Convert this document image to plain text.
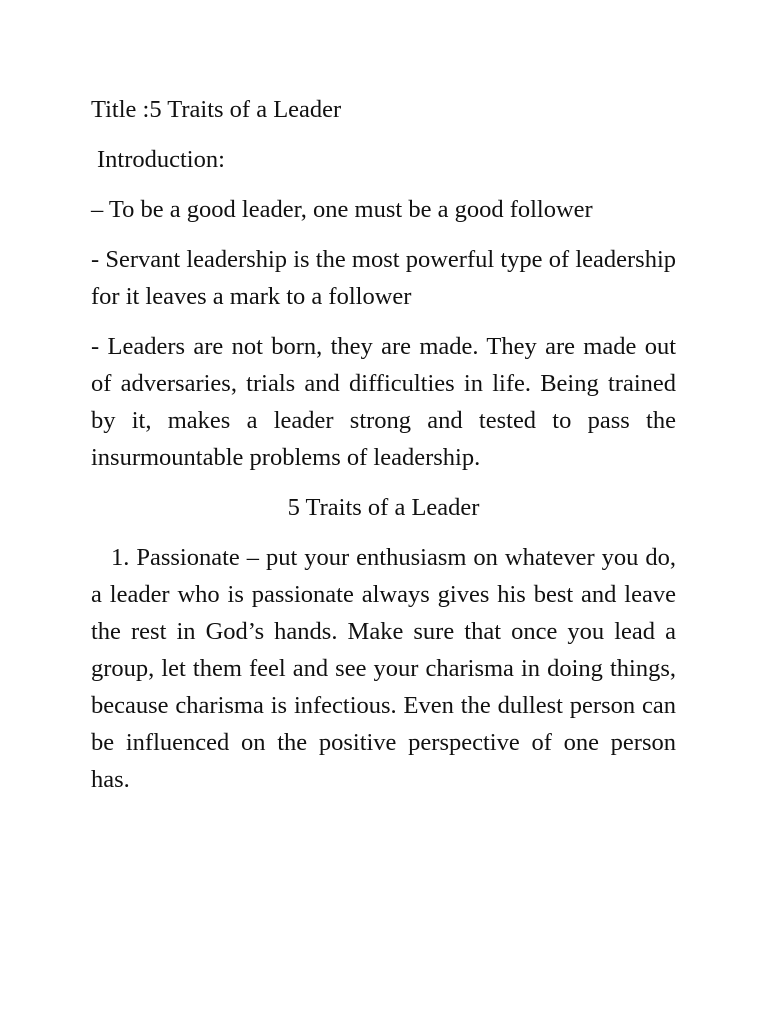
Title :5 Traits of a Leader

Introduction:

– To be a good leader, one must be a good follower

- Servant leadership is the most powerful type of leadership for it leaves a mark to a follower

- Leaders are not born, they are made. They are made out of adversaries, trials and difficulties in life. Being trained by it, makes a leader strong and tested to pass the insurmountable problems of leadership.

5 Traits of a Leader

1. Passionate – put your enthusiasm on whatever you do, a leader who is passionate always gives his best and leave the rest in God’s hands. Make sure that once you lead a group, let them feel and see your charisma in doing things, because charisma is infectious. Even the dullest person can be influenced on the positive perspective of one person has.
